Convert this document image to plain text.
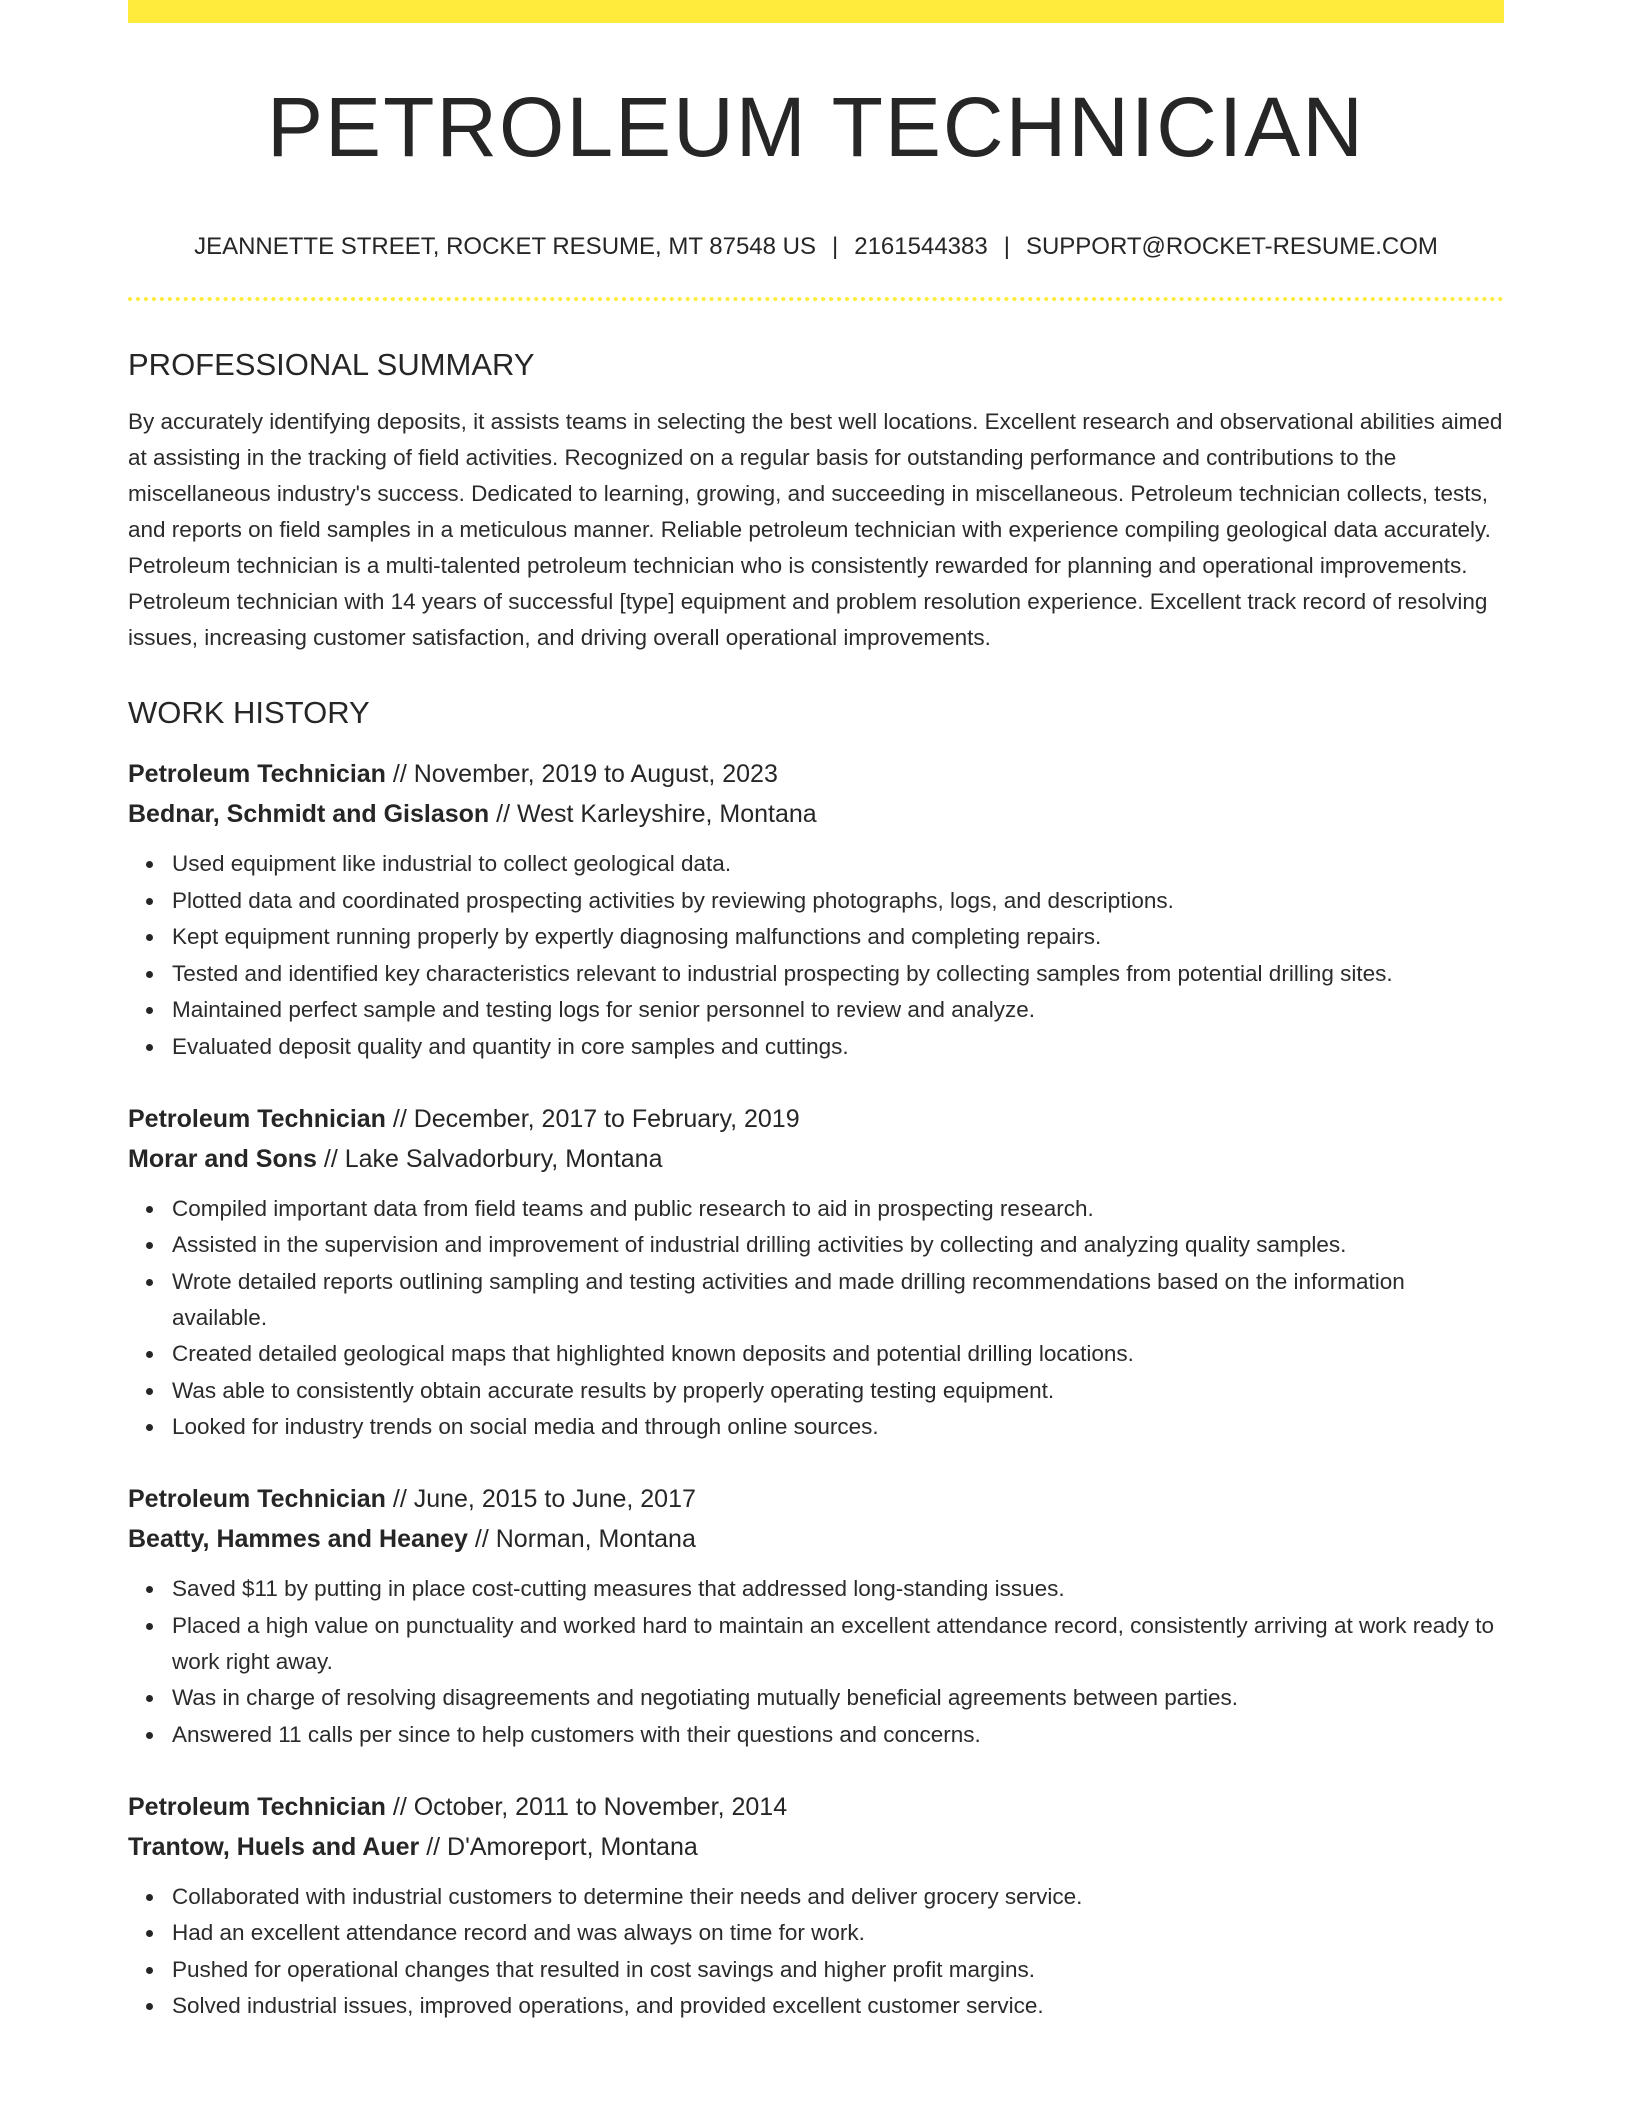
PETROLEUM TECHNICIAN
JEANNETTE STREET, ROCKET RESUME, MT 87548 US | 2161544383 | SUPPORT@ROCKET-RESUME.COM
PROFESSIONAL SUMMARY

By accurately identifying deposits, it assists teams in selecting the best well locations. Excellent research and observational abilities aimed at assisting in the tracking of field activities. Recognized on a regular basis for outstanding performance and contributions to the miscellaneous industry's success. Dedicated to learning, growing, and succeeding in miscellaneous. Petroleum technician collects, tests, and reports on field samples in a meticulous manner. Reliable petroleum technician with experience compiling geological data accurately. Petroleum technician is a multi-talented petroleum technician who is consistently rewarded for planning and operational improvements. Petroleum technician with 14 years of successful [type] equipment and problem resolution experience. Excellent track record of resolving issues, increasing customer satisfaction, and driving overall operational improvements.

WORK HISTORY
Petroleum Technician // November, 2019 to August, 2023
Bednar, Schmidt and Gislason // West Karleyshire, Montana
Used equipment like industrial to collect geological data.
Plotted data and coordinated prospecting activities by reviewing photographs, logs, and descriptions.
Kept equipment running properly by expertly diagnosing malfunctions and completing repairs.
Tested and identified key characteristics relevant to industrial prospecting by collecting samples from potential drilling sites.
Maintained perfect sample and testing logs for senior personnel to review and analyze.
Evaluated deposit quality and quantity in core samples and cuttings.
Petroleum Technician // December, 2017 to February, 2019
Morar and Sons // Lake Salvadorbury, Montana
Compiled important data from field teams and public research to aid in prospecting research.
Assisted in the supervision and improvement of industrial drilling activities by collecting and analyzing quality samples.
Wrote detailed reports outlining sampling and testing activities and made drilling recommendations based on the information available.
Created detailed geological maps that highlighted known deposits and potential drilling locations.
Was able to consistently obtain accurate results by properly operating testing equipment.
Looked for industry trends on social media and through online sources.
Petroleum Technician // June, 2015 to June, 2017
Beatty, Hammes and Heaney // Norman, Montana
Saved $11 by putting in place cost-cutting measures that addressed long-standing issues.
Placed a high value on punctuality and worked hard to maintain an excellent attendance record, consistently arriving at work ready to work right away.
Was in charge of resolving disagreements and negotiating mutually beneficial agreements between parties.
Answered 11 calls per since to help customers with their questions and concerns.
Petroleum Technician // October, 2011 to November, 2014
Trantow, Huels and Auer // D'Amoreport, Montana
Collaborated with industrial customers to determine their needs and deliver grocery service.
Had an excellent attendance record and was always on time for work.
Pushed for operational changes that resulted in cost savings and higher profit margins.
Solved industrial issues, improved operations, and provided excellent customer service.
